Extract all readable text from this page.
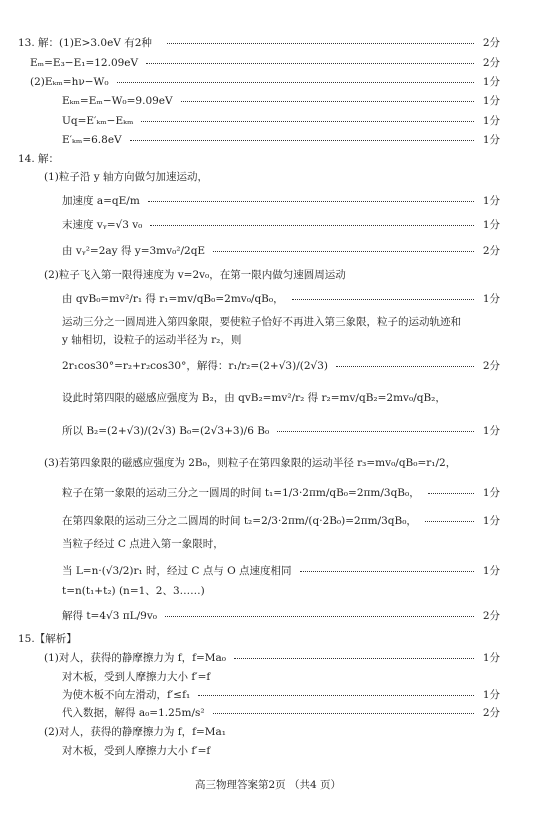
13. 解：(1)E>3.0eV 有2种	2分
Eₘ=E₃−E₁=12.09eV	2分
(2)Eₖₘ=hν−W₀	1分
Eₖₘ=Eₘ−W₀=9.09eV	1分
Uq=E′ₖₘ−Eₖₘ	1分
E′ₖₘ=6.8eV	1分
14. 解：
(1)粒子沿 y 轴方向做匀加速运动，
加速度 a=qE/m	1分
末速度 vᵧ=√3 v₀	1分
由 vᵧ²=2ay 得 y=3mv₀²/2qE	2分
(2)粒子飞入第一限得速度为 v=2v₀，在第一限内做匀速圆周运动
由 qvB₀=mv²/r₁ 得 r₁=mv/qB₀=2mv₀/qB₀，	1分
运动三分之一圆周进入第四象限，要使粒子恰好不再进入第三象限，粒子的运动轨迹和
y 轴相切，设粒子的运动半径为 r₂，则
2r₁cos30°=r₂+r₂cos30°，解得：r₁/r₂=(2+√3)/(2√3)	2分
设此时第四限的磁感应强度为 B₂，由 qvB₂=mv²/r₂ 得 r₂=mv/qB₂=2mv₀/qB₂，
所以 B₂=(2+√3)/(2√3) B₀=(2√3+3)/6 B₀	1分
(3)若第四象限的磁感应强度为 2B₀，则粒子在第四象限的运动半径 r₃=mv₀/qB₀=r₁/2，
粒子在第一象限的运动三分之一圆周的时间 t₁=1/3·2πm/qB₀=2πm/3qB₀，	1分
在第四象限的运动三分之二圆周的时间 t₂=2/3·2πm/(q·2B₀)=2πm/3qB₀，	1分
当粒子经过 C 点进入第一象限时，
当 L=n·(√3/2)r₁ 时，经过 C 点与 O 点速度相同	1分
t=n(t₁+t₂) (n=1、2、3……)
解得 t=4√3 πL/9v₀	2分
15.【解析】
(1)对人，获得的静摩擦力为 f，f=Ma₀	1分
对木板，受到人摩擦力大小 f′=f
为使木板不向左滑动，f′≤f₁	1分
代入数据，解得 a₀=1.25m/s²	2分
(2)对人，获得的静摩擦力为 f，f=Ma₁
对木板，受到人摩擦力大小 f′=f
高三物理答案第2页 （共4 页）
